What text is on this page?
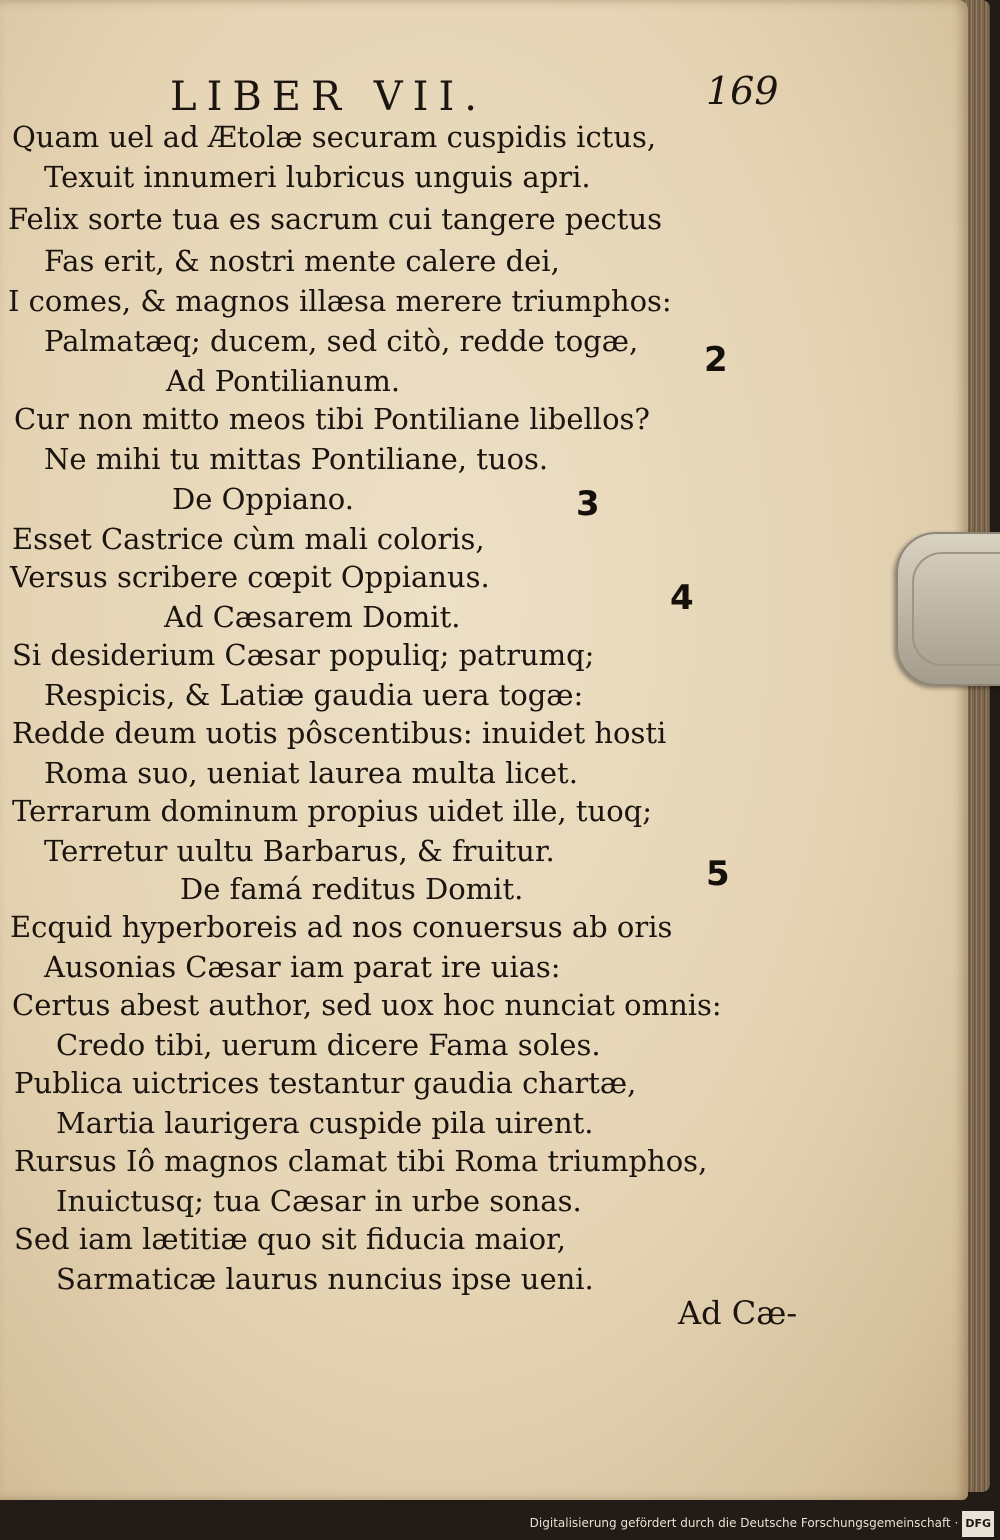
LIBER VII.	169
Quam uel ad Ætolæ securam cuspidis ictus,
Texuit innumeri lubricus unguis apri.
Felix sorte tua es sacrum cui tangere pectus
Fas erit, & nostri mente calere dei,
I comes, & magnos illæsa merere triumphos:
Palmatæq; ducem, sed citò, redde togæ,
Ad Pontilianum.
Cur non mitto meos tibi Pontiliane libellos?
Ne mihi tu mittas Pontiliane, tuos.
De Oppiano.
Esset Castrice cùm mali coloris,
Versus scribere cœpit Oppianus.
Ad Cæsarem Domit.
Si desiderium Cæsar populiq; patrumq;
Respicis, & Latiæ gaudia uera togæ:
Redde deum uotis pôscentibus: inuidet hosti
Roma suo, ueniat laurea multa licet.
Terrarum dominum propius uidet ille, tuoq;
Terretur uultu Barbarus, & fruitur.
De famá reditus Domit.
Ecquid hyperboreis ad nos conuersus ab oris
Ausonias Cæsar iam parat ire uias:
Certus abest author, sed uox hoc nunciat omnis:
Credo tibi, uerum dicere Fama soles.
Publica uictrices testantur gaudia chartæ,
Martia laurigera cuspide pila uirent.
Rursus Iô magnos clamat tibi Roma triumphos,
Inuictusq; tua Cæsar in urbe sonas.
Sed iam lætitiæ quo sit fiducia maior,
Sarmaticæ laurus nuncius ipse ueni.
Ad Cæ-
2
3
4
5
Digitalisierung gefördert durch die Deutsche Forschungsgemeinschaft · DFG
